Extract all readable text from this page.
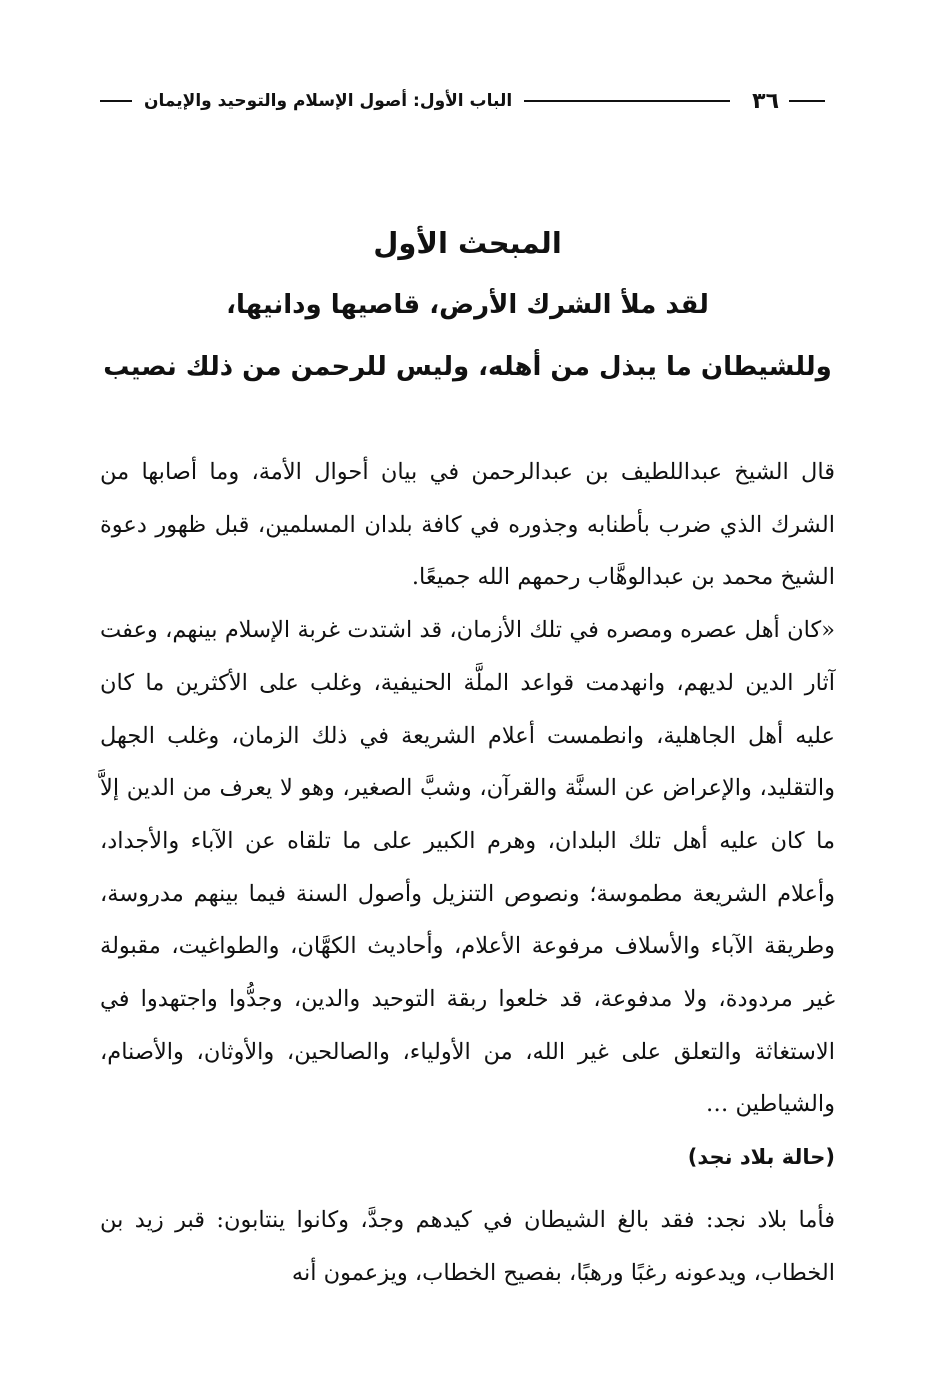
٣٦
الباب الأول: أصول الإسلام والتوحيد والإيمان
المبحث الأول
لقد ملأ الشرك الأرض، قاصيها ودانيها،
وللشيطان ما يبذل من أهله، وليس للرحمن من ذلك نصيب

قال الشيخ عبداللطيف بن عبدالرحمن في بيان أحوال الأمة، وما أصابها من الشرك الذي ضرب بأطنابه وجذوره في كافة بلدان المسلمين، قبل ظهور دعوة الشيخ محمد بن عبدالوهَّاب رحمهم الله جميعًا.

«كان أهل عصره ومصره في تلك الأزمان، قد اشتدت غربة الإسلام بينهم، وعفت آثار الدين لديهم، وانهدمت قواعد الملَّة الحنيفية، وغلب على الأكثرين ما كان عليه أهل الجاهلية، وانطمست أعلام الشريعة في ذلك الزمان، وغلب الجهل والتقليد، والإعراض عن السنَّة والقرآن، وشبَّ الصغير، وهو لا يعرف من الدين إلاَّ ما كان عليه أهل تلك البلدان، وهرم الكبير على ما تلقاه عن الآباء والأجداد، وأعلام الشريعة مطموسة؛ ونصوص التنزيل وأصول السنة فيما بينهم مدروسة، وطريقة الآباء والأسلاف مرفوعة الأعلام، وأحاديث الكهَّان، والطواغيت، مقبولة غير مردودة، ولا مدفوعة، قد خلعوا ربقة التوحيد والدين، وجدُّوا واجتهدوا في الاستغاثة والتعلق على غير الله، من الأولياء، والصالحين، والأوثان، والأصنام، والشياطين …

(حالة بلاد نجد)

فأما بلاد نجد: فقد بالغ الشيطان في كيدهم وجدَّ، وكانوا ينتابون: قبر زيد بن الخطاب، ويدعونه رغبًا ورهبًا، بفصيح الخطاب، ويزعمون أنه
